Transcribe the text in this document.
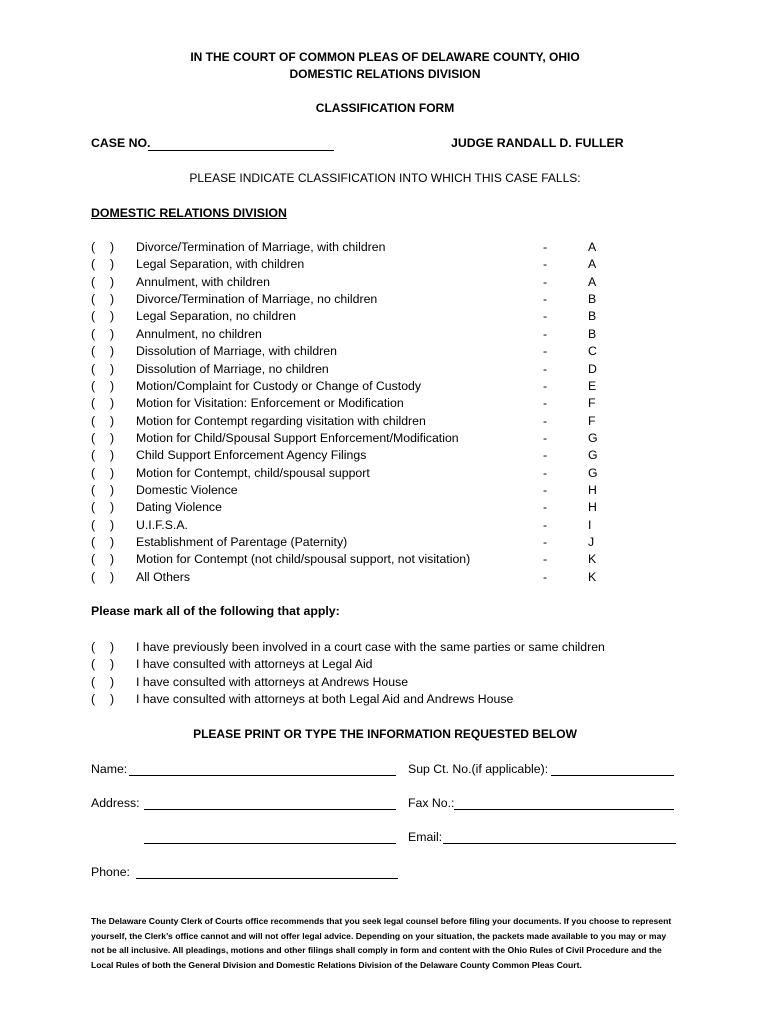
IN THE COURT OF COMMON PLEAS OF DELAWARE COUNTY, OHIO
DOMESTIC RELATIONS DIVISION
CLASSIFICATION FORM
CASE NO.	JUDGE RANDALL D. FULLER
PLEASE INDICATE CLASSIFICATION INTO WHICH THIS CASE FALLS:
DOMESTIC RELATIONS DIVISION
( ) Divorce/Termination of Marriage, with children	-	A
( ) Legal Separation, with children	-	A
( ) Annulment, with children	-	A
( ) Divorce/Termination of Marriage, no children	-	B
( ) Legal Separation, no children	-	B
( ) Annulment, no children	-	B
( ) Dissolution of Marriage, with children	-	C
( ) Dissolution of Marriage, no children	-	D
( ) Motion/Complaint for Custody or Change of Custody	-	E
( ) Motion for Visitation: Enforcement or Modification	-	F
( ) Motion for Contempt regarding visitation with children	-	F
( ) Motion for Child/Spousal Support Enforcement/Modification	-	G
( ) Child Support Enforcement Agency Filings	-	G
( ) Motion for Contempt, child/spousal support	-	G
( ) Domestic Violence	-	H
( ) Dating Violence	-	H
( ) U.I.F.S.A.	-	I
( ) Establishment of Parentage (Paternity)	-	J
( ) Motion for Contempt (not child/spousal support, not visitation)	-	K
( ) All Others	-	K
Please mark all of the following that apply:
( ) I have previously been involved in a court case with the same parties or same children
( ) I have consulted with attorneys at Legal Aid
( ) I have consulted with attorneys at Andrews House
( ) I have consulted with attorneys at both Legal Aid and Andrews House
PLEASE PRINT OR TYPE THE INFORMATION REQUESTED BELOW
Name:	Sup Ct. No.(if applicable):
Address:	Fax No.:
Email:
Phone:
The Delaware County Clerk of Courts office recommends that you seek legal counsel before filing your documents. If you choose to represent yourself, the Clerk’s office cannot and will not offer legal advice. Depending on your situation, the packets made available to you may or may not be all inclusive. All pleadings, motions and other filings shall comply in form and content with the Ohio Rules of Civil Procedure and the Local Rules of both the General Division and Domestic Relations Division of the Delaware County Common Pleas Court.
